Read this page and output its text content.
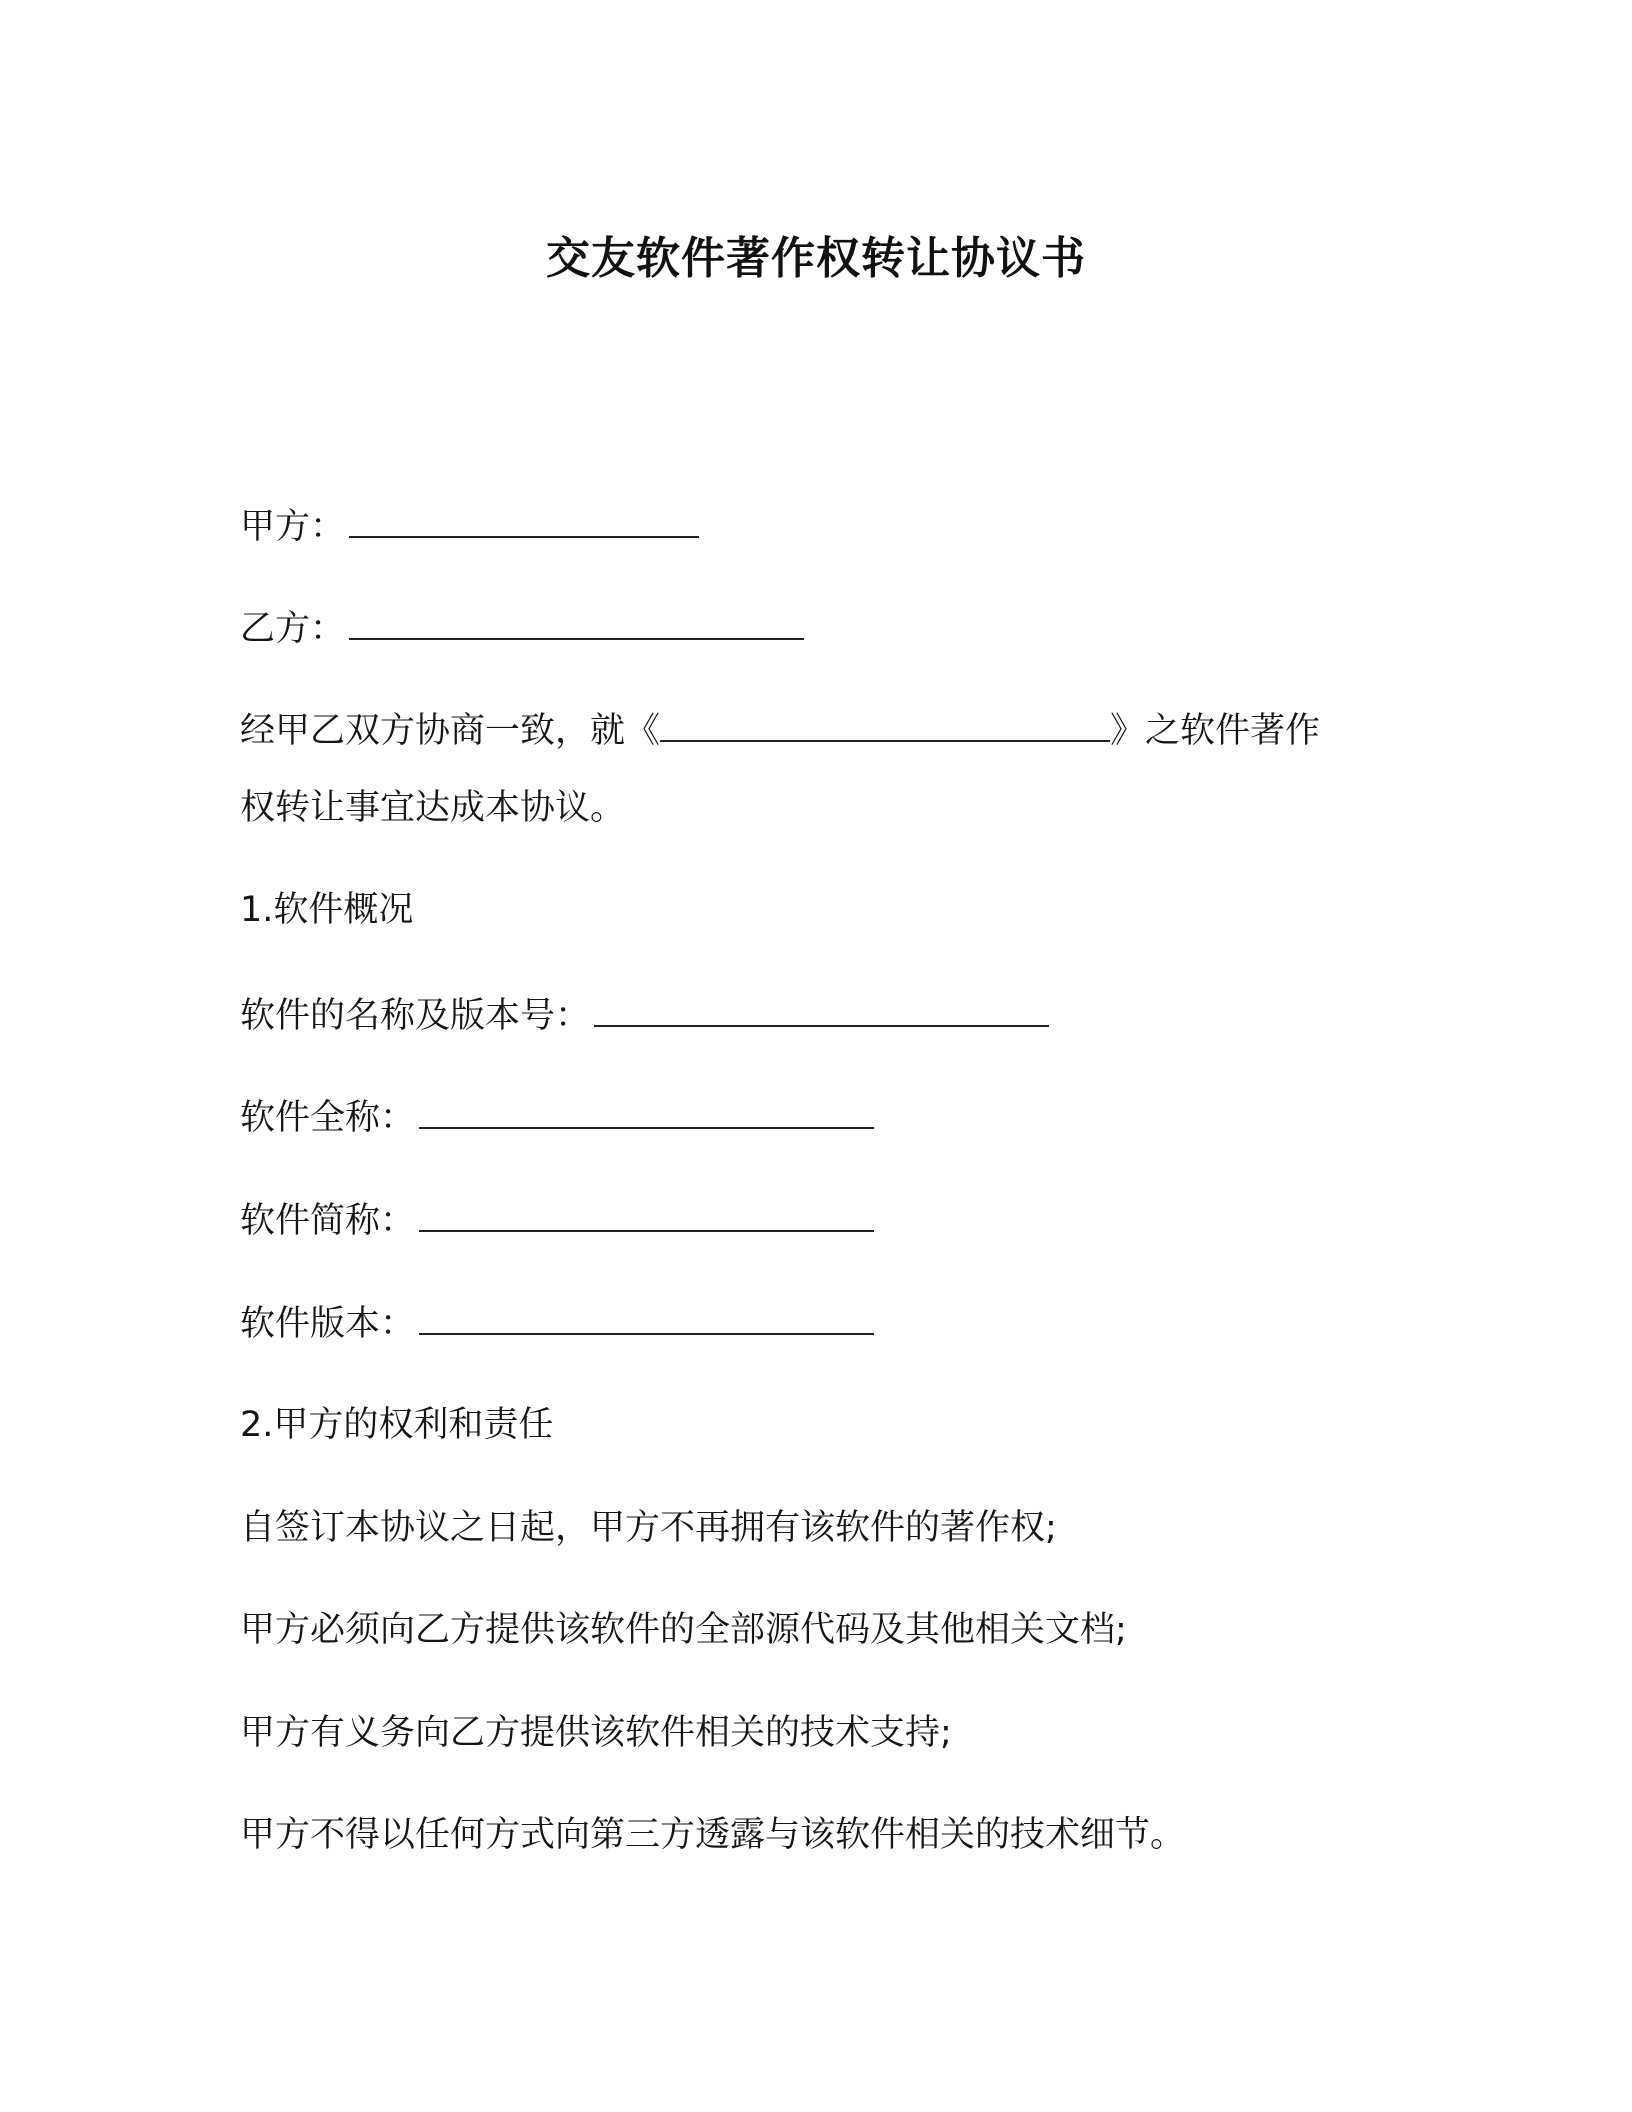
交友软件著作权转让协议书
甲方：
乙方：
经甲乙双方协商一致，就《	》之软件著作
权转让事宜达成本协议。
1.软件概况
软件的名称及版本号：
软件全称：
软件简称：
软件版本：
2.甲方的权利和责任
自签订本协议之日起，甲方不再拥有该软件的著作权;
甲方必须向乙方提供该软件的全部源代码及其他相关文档;
甲方有义务向乙方提供该软件相关的技术支持;
甲方不得以任何方式向第三方透露与该软件相关的技术细节。
